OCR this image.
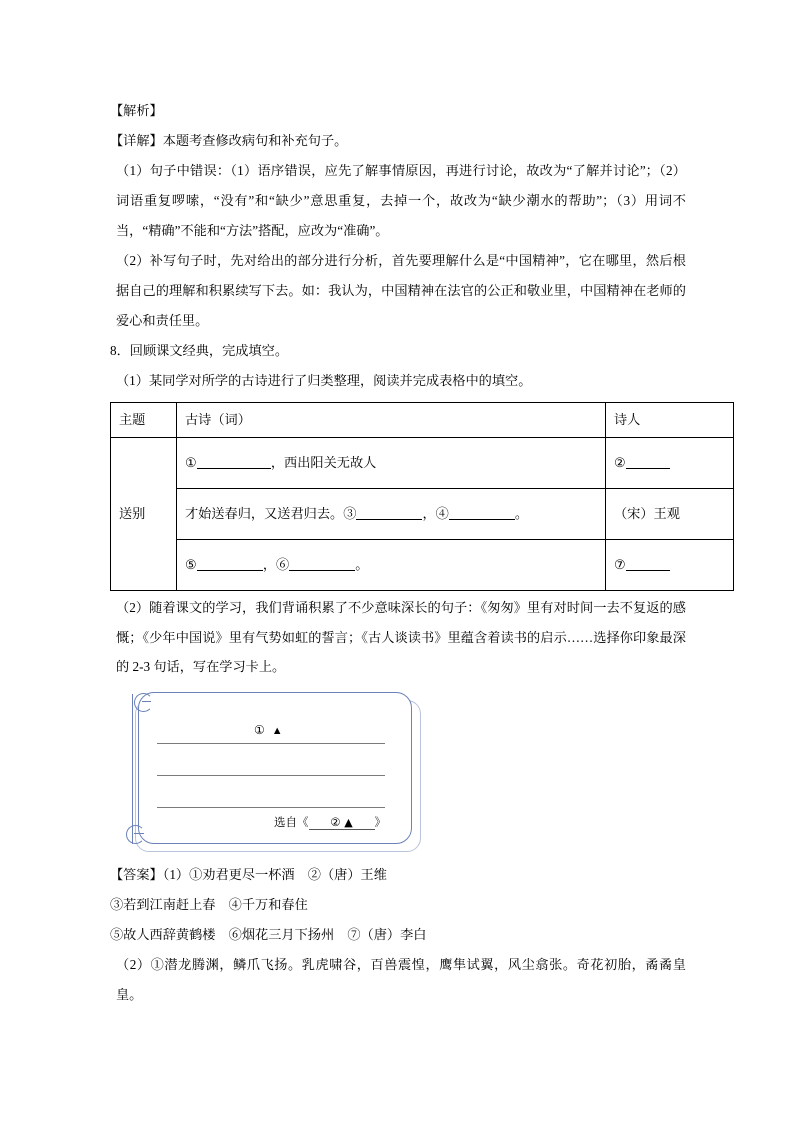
【解析】

【详解】本题考查修改病句和补充句子。

（1）句子中错误：（1）语序错误，应先了解事情原因，再进行讨论，故改为“了解并讨论”；（2）词语重复啰嗦，“没有”和“缺少”意思重复，去掉一个，故改为“缺少潮水的帮助”；（3）用词不当，“精确”不能和“方法”搭配，应改为“准确”。

（2）补写句子时，先对给出的部分进行分析，首先要理解什么是“中国精神”，它在哪里，然后根据自己的理解和积累续写下去。如：我认为，中国精神在法官的公正和敬业里，中国精神在老师的爱心和责任里。

8．回顾课文经典，完成填空。

（1）某同学对所学的古诗进行了归类整理，阅读并完成表格中的填空。

主题	古诗（词）	诗人
送别	① ，西出阳关无故人	②
	才始送春归，又送君归去。③ ，④ 。	（宋）王观
	⑤ ，⑥ 。	⑦

（2）随着课文的学习，我们背诵积累了不少意味深长的句子：《匆匆》里有对时间一去不复返的感慨；《少年中国说》里有气势如虹的誓言；《古人谈读书》里蕴含着读书的启示……选择你印象最深的 2-3 句话，写在学习卡上。

① ▲
选自《 ② ▲ 》

【答案】（1）①劝君更尽一杯酒　②（唐）王维

③若到江南赶上春　④千万和春住

⑤故人西辞黄鹤楼　⑥烟花三月下扬州　⑦（唐）李白

（2）①潜龙腾渊，鳞爪飞扬。乳虎啸谷，百兽震惶，鹰隼试翼，风尘翕张。奇花初胎，矞矞皇皇。
